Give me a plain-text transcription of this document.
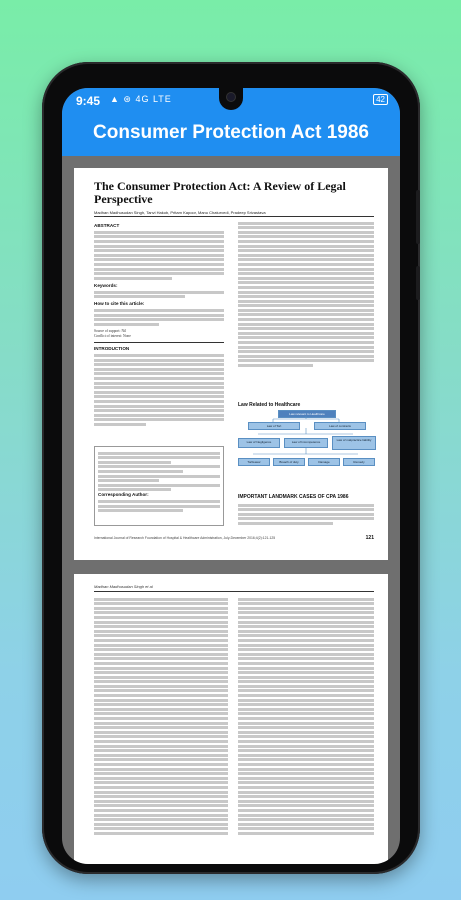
9:45 ▲ ⊛ 4G LTE	42
Consumer Protection Act 1986
The Consumer Protection Act: A Review of Legal Perspective
Madhan Madhusudan Singh, Tanvi Hakob, Pritam Kapoor, Manu Chaturvedi, Pradeep Srivastava
ABSTRACT
Keywords:
How to cite this article:
Source of support: Nil
Conflict of interest: None
INTRODUCTION
Corresponding Author:
Law Related to Healthcare
Law relevant to Healthcare
Law of Tort	Law of contracts
Law of Negligence	Law of Incompetence	Law of malpractice liability
Tortfeasor	Breach of duty	Damage	Remedy
IMPORTANT LANDMARK CASES OF CPA 1986
International Journal of Research Foundation of Hospital & Healthcare Administration, July-December 2016;4(2):121-125	121
Madhan Madhusudan Singh et al
